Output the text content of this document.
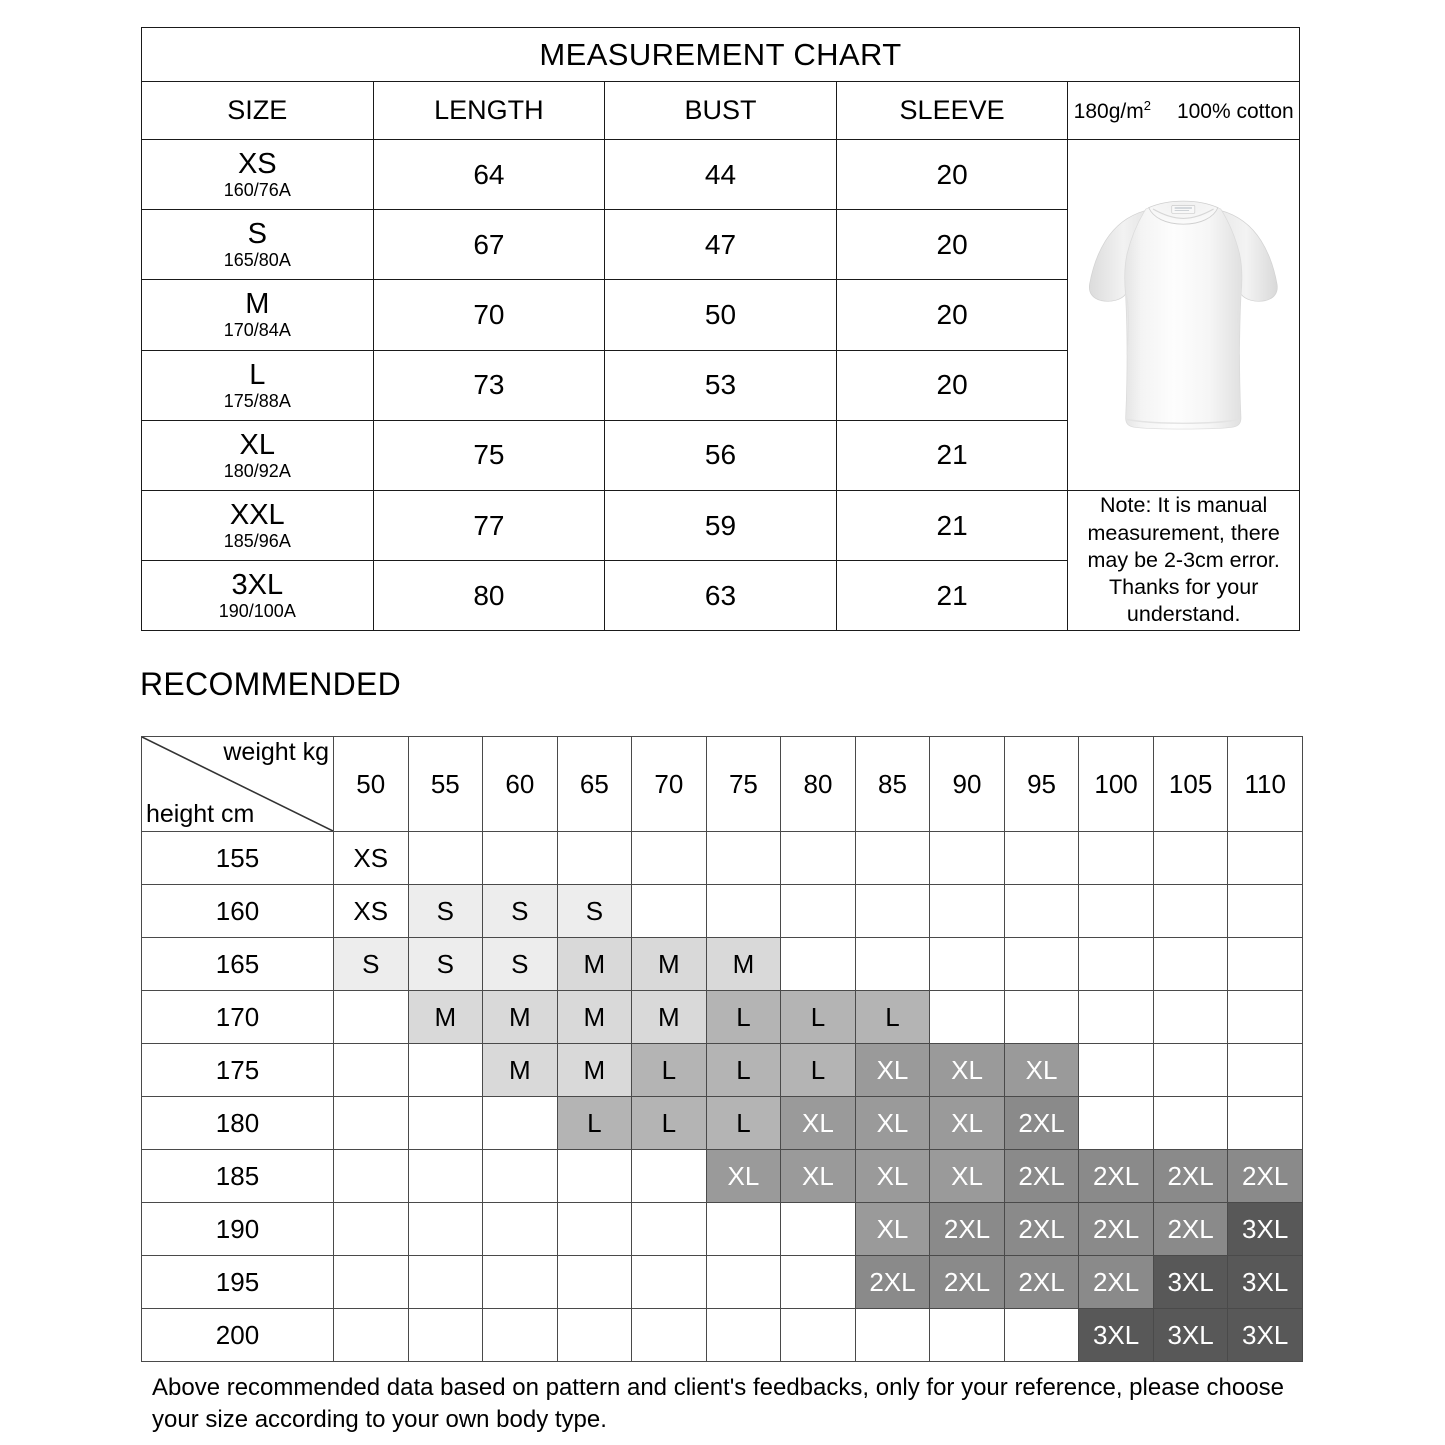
MEASUREMENT CHART				
SIZE	LENGTH	BUST	SLEEVE	$180g/m^2$ 100% cotton

XS
160/76A	64	44	20	

S
165/80A	67	47	20	

M
170/84A	70	50	20	

L
175/88A	73	53	20	

XL
180/92A	75	56	21	

XXL
185/96A	77	59	21	Note: It is manual measurement, there may be 2-3cm error. Thanks for your understand.

3XL
190/100A	80	63	21	
RECOMMENDED
weight kg
height cm	50	55	60	65	70	75	80	85	90	95	100	105	110
155	XS												
160	XS	S	S	S									
165	S	S	S	M	M	M							
170		M	M	M	M	L	L	L					
175			M	M	L	L	L	XL	XL	XL			
180				L	L	L	XL	XL	XL	2XL			
185						XL	XL	XL	XL	2XL	2XL	2XL	2XL
190								XL	2XL	2XL	2XL	2XL	3XL
195								2XL	2XL	2XL	2XL	3XL	3XL
200											3XL	3XL	3XL
Above recommended data based on pattern and client's feedbacks, only for your reference, please choose your size according to your own body type.
